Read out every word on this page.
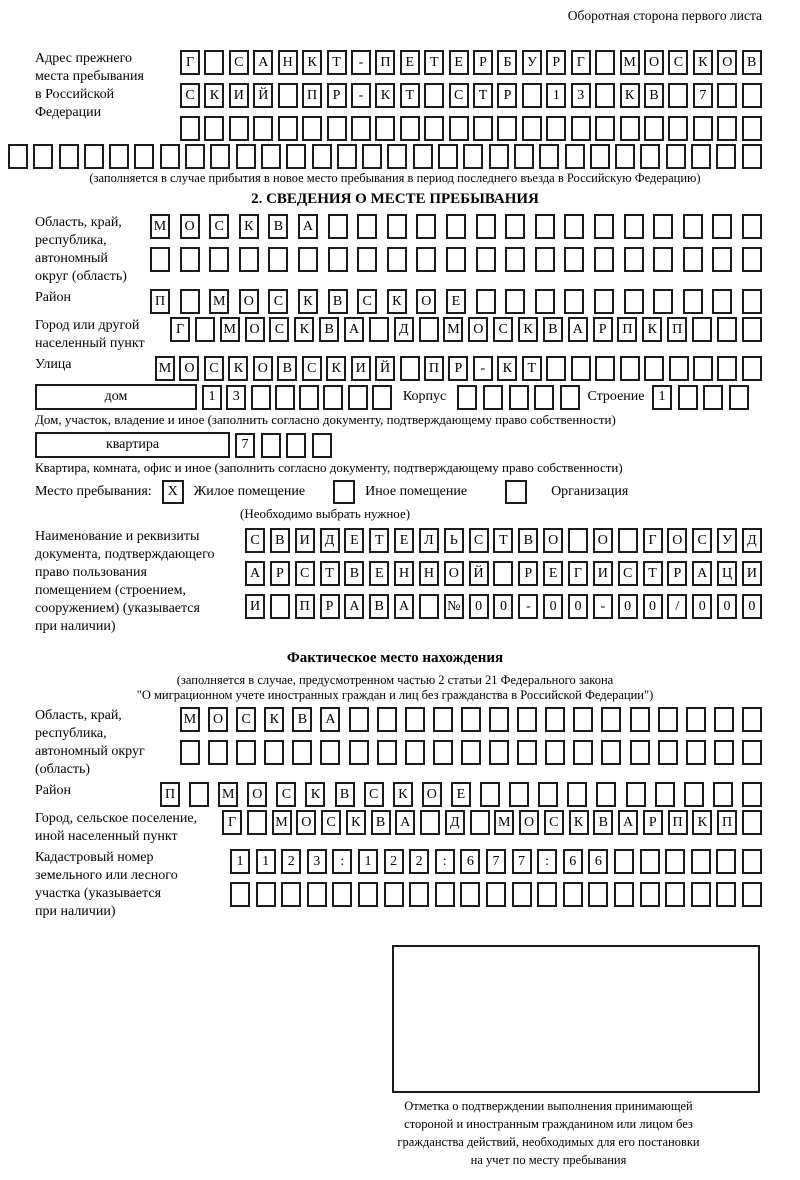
Оборотная сторона первого листа
Адрес прежнего
места пребывания
в Российской
Федерации
Г	С	А	Н	К	Т	-	П	Е	Т	Е	Р	Б	У	Р	Г	М О	С	К	О	В
С	К	И	Й	П	Р	-	К	Т	С	Т	Р	1	3	К	В	7
(заполняется в случае прибытия в новое место пребывания в период последнего въезда в Российскую Федерацию)
2. СВЕДЕНИЯ О МЕСТЕ ПРЕБЫВАНИЯ
Область, край,
республика,
автономный
округ (область)
М	О	С	К	В	А
Район	П	М	О	С	К	В	С	К	О	Е
Город или другой
населенный пункт
Г	М О	С	К	В	А	Д	М О	С	К	В	А	Р	П	К	П
Улица	М О	С	К	О	В	С	К	И	Й	П	Р	-	К	Т
дом	1	3	Корпус	Строение 1
Дом, участок, владение и иное (заполнить согласно документу, подтверждающему право собственности)
квартира	7
Квартира, комната, офис и иное (заполнить согласно документу, подтверждающему право собственности)
Место пребывания:	X	Жилое помещение	Иное помещение	Организация
(Необходимо выбрать нужное)
Наименование и реквизиты
документа, подтверждающего
право пользования
помещением (строением,
сооружением) (указывается
при наличии)
С	В	И	Д	Е	Т	Е	Л	Ь	С	Т	В	О	О	Г	О	С	У	Д
А	Р	С	Т	В	Е	Н	Н	О	Й	Р	Е	Г	И	С	Т	Р	А	Ц	И
И	П	Р	А	В	А	№	0	0	-	0	0	-	0	0	/	0	0	0
Фактическое место нахождения
(заполняется в случае, предусмотренном частью 2 статьи 21 Федерального закона
"О миграционном учете иностранных граждан и лиц без гражданства в Российской Федерации")
Область, край,
республика,
автономный округ
(область)
М	О	С	К	В	А
Район	П	М	О	С	К	В	С	К	О	Е
Город, сельское поселение,
иной населенный пункт
Г	М О	С	К	В	А	Д	М О	С	К	В	А	Р	П	К	П
Кадастровый номер
земельного или лесного
участка (указывается
при наличии)
1	1	2	3	:	1	2	2	:	6	7	7	:	6	6
Отметка о подтверждении выполнения принимающей
стороной и иностранным гражданином или лицом без
гражданства действий, необходимых для его постановки
на учет по месту пребывания
